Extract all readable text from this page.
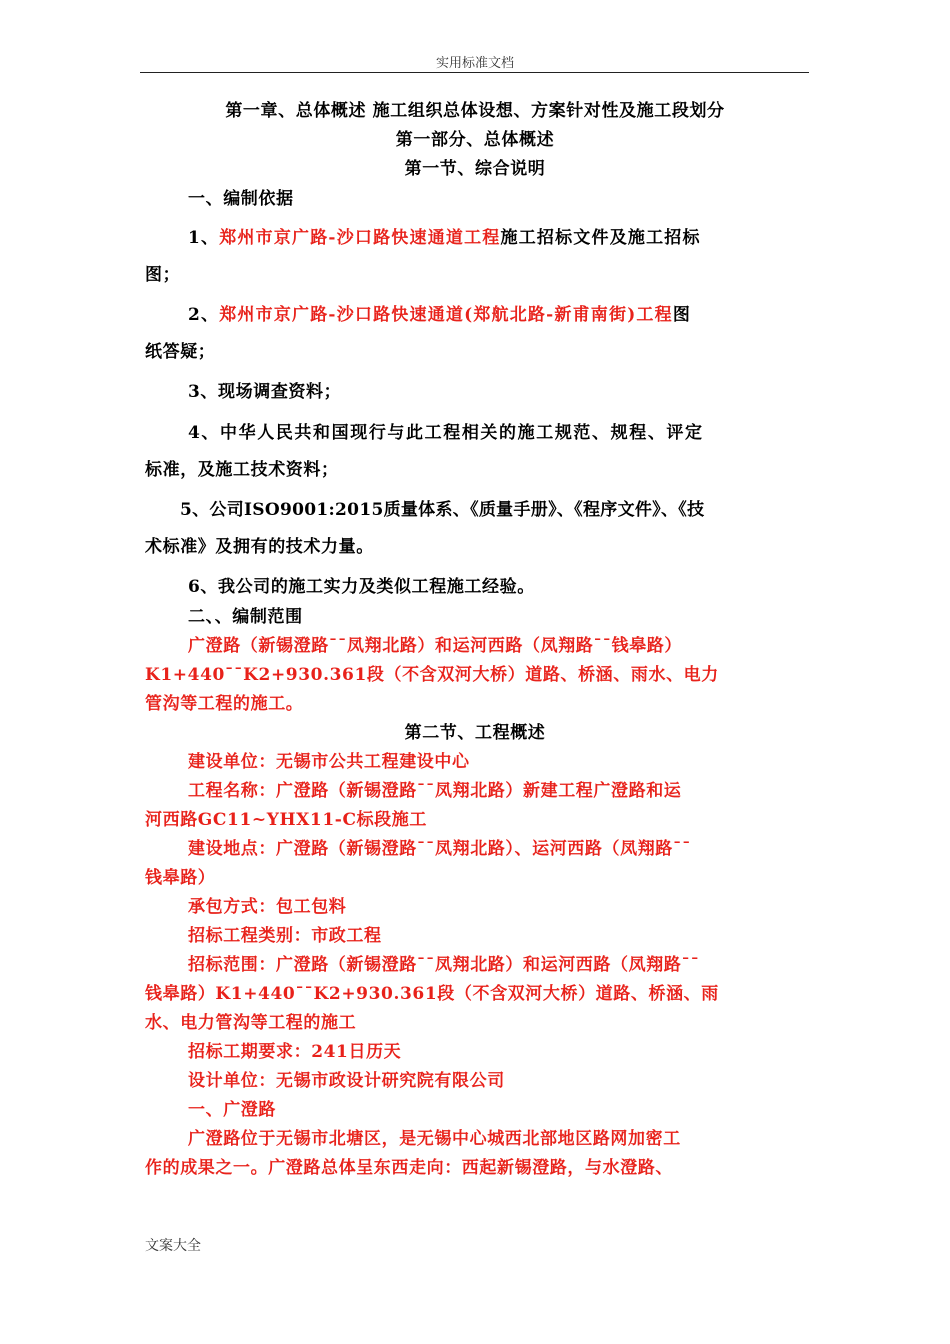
实用标准文档
第一章、总体概述 施工组织总体设想、方案针对性及施工段划分
第一部分、总体概述
第一节、综合说明
一、编制依据
1、郑州市京广路-沙口路快速通道工程施工招标文件及施工招标
图；
2、郑州市京广路-沙口路快速通道(郑航北路-新甫南街)工程图
纸答疑；
3、现场调查资料；
4、中华人民共和国现行与此工程相关的施工规范、规程、评定
标准，及施工技术资料；
5、公司ISO9001:2015质量体系、《质量手册》、《程序文件》、《技
术标准》及拥有的技术力量。
6、我公司的施工实力及类似工程施工经验。
二、、编制范围
广澄路（新锡澄路¯¯凤翔北路）和运河西路（凤翔路¯¯钱皋路）
K1+440¯¯K2+930.361段（不含双河大桥）道路、桥涵、雨水、电力
管沟等工程的施工。
第二节、工程概述
建设单位：无锡市公共工程建设中心
工程名称：广澄路（新锡澄路¯¯凤翔北路）新建工程广澄路和运
河西路GC11~YHX11-C标段施工
建设地点：广澄路（新锡澄路¯¯凤翔北路）、运河西路（凤翔路¯¯
钱皋路）
承包方式：包工包料
招标工程类别：市政工程
招标范围：广澄路（新锡澄路¯¯凤翔北路）和运河西路（凤翔路¯¯
钱皋路）K1+440¯¯K2+930.361段（不含双河大桥）道路、桥涵、雨
水、电力管沟等工程的施工
招标工期要求：241日历天
设计单位：无锡市政设计研究院有限公司
一、广澄路
广澄路位于无锡市北塘区，是无锡中心城西北部地区路网加密工
作的成果之一。广澄路总体呈东西走向：西起新锡澄路，与水澄路、
文案大全
